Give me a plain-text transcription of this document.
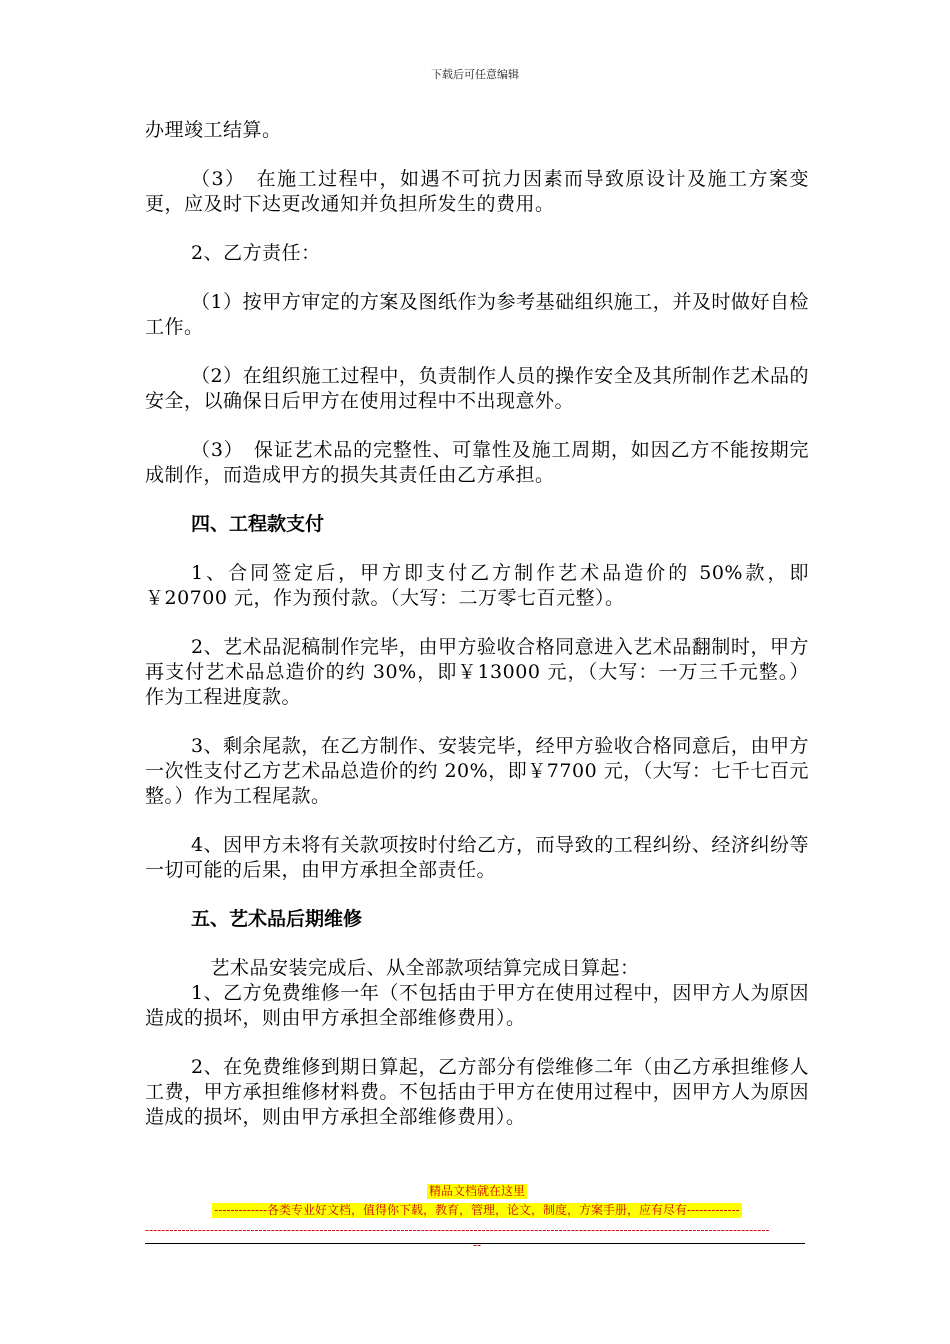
下载后可任意编辑

办理竣工结算。

（3）　在施工过程中，如遇不可抗力因素而导致原设计及施工方案变更，应及时下达更改通知并负担所发生的费用。

2、乙方责任：

（1）按甲方审定的方案及图纸作为参考基础组织施工，并及时做好自检工作。

（2）在组织施工过程中，负责制作人员的操作安全及其所制作艺术品的安全，以确保日后甲方在使用过程中不出现意外。

（3）　保证艺术品的完整性、可靠性及施工周期，如因乙方不能按期完成制作，而造成甲方的损失其责任由乙方承担。

四、工程款支付

1、合同签定后，甲方即支付乙方制作艺术品造价的 50%款，即￥20700 元，作为预付款。（大写：二万零七百元整）。

2、艺术品泥稿制作完毕，由甲方验收合格同意进入艺术品翻制时，甲方再支付艺术品总造价的约 30%，即￥13000 元，（大写：一万三千元整。）作为工程进度款。

3、剩余尾款，在乙方制作、安装完毕，经甲方验收合格同意后，由甲方一次性支付乙方艺术品总造价的约 20%，即￥7700 元，（大写：七千七百元整。）作为工程尾款。

4、因甲方未将有关款项按时付给乙方，而导致的工程纠纷、经济纠纷等一切可能的后果，由甲方承担全部责任。

五、艺术品后期维修

　艺术品安装完成后、从全部款项结算完成日算起：

1、乙方免费维修一年（不包括由于甲方在使用过程中，因甲方人为原因造成的损坏，则由甲方承担全部维修费用）。

2、在免费维修到期日算起，乙方部分有偿维修二年（由乙方承担维修人工费，甲方承担维修材料费。不包括由于甲方在使用过程中，因甲方人为原因造成的损坏，则由甲方承担全部维修费用）。

精品文档就在这里
-------------各类专业好文档，值得你下载，教育，管理，论文，制度，方案手册，应有尽有-------------
----------------------------------------------------------------------------------------------------------------------------------------------------------
--
